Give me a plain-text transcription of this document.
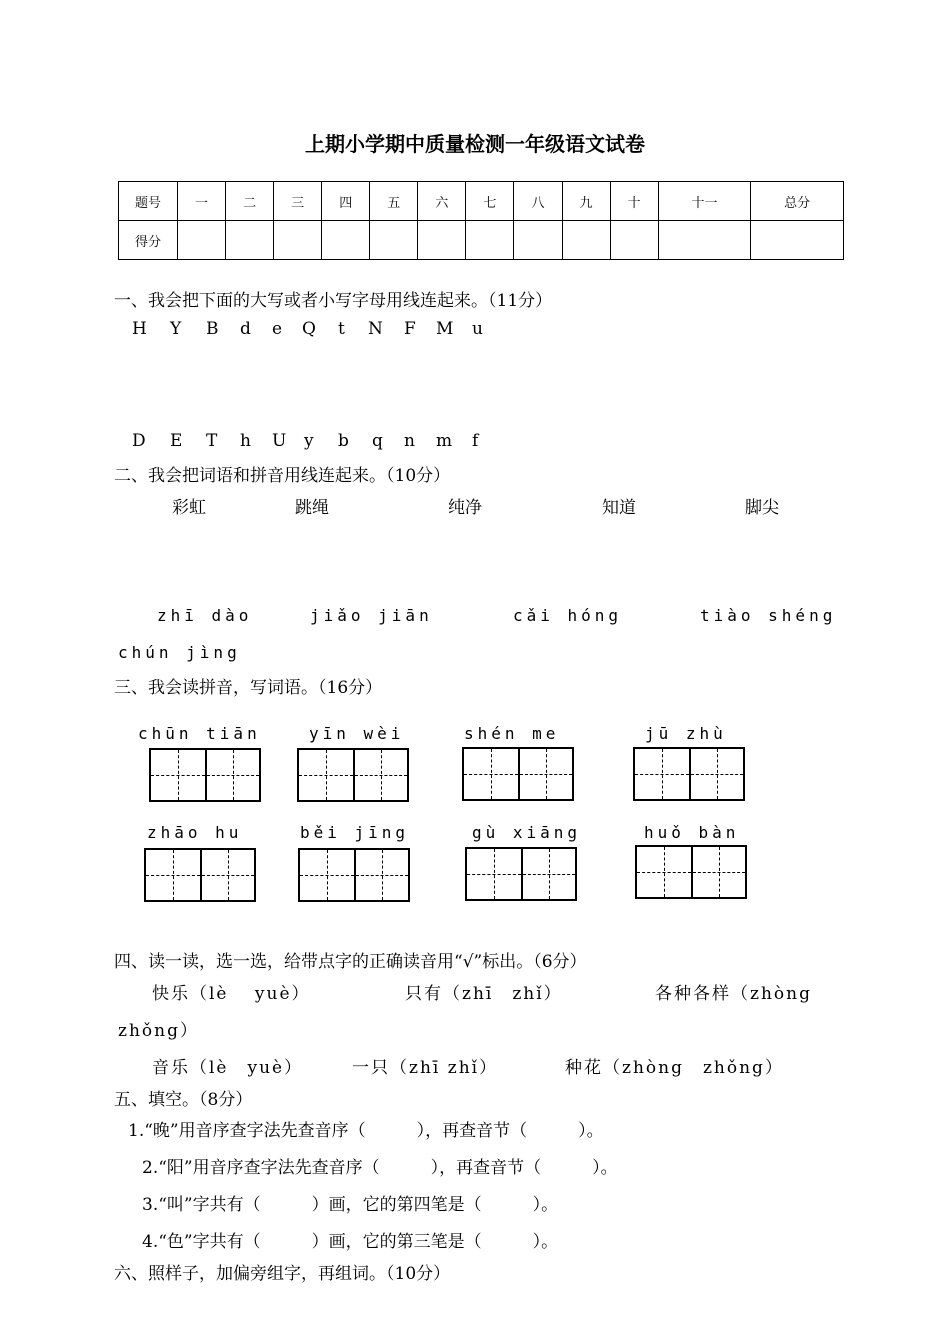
上期小学期中质量检测一年级语文试卷
题号	一	二	三	四	五	六	七	八	九	十	十一	总分
得分												
一、我会把下面的大写或者小写字母用线连起来。（11分）
H Y B d e Q t N F M u
D E T h U y b q n m f
二、我会把词语和拼音用线连起来。（10分）
彩虹	跳绳	纯净	知道	脚尖
zhī dào	jiǎo jiān	cǎi hóng	tiào shéng
chún jìng
三、我会读拼音，写词语。（16分）
chūn tiān	yīn wèi	shén me	jū zhù
zhāo hu	běi jīng	gù xiāng	huǒ bàn
四、读一读，选一选，给带点字的正确读音用“√”标出。（6分）
快乐（lè　 yuè）	只有（zhī　zhǐ）	各种各样（zhòng
zhǒng）
音乐（lè　yuè）	一只（zhī zhǐ）	种花（zhòng　zhǒng）
五、填空。（8分）
1.“晚”用音序查字法先查音序（　　　），再查音节（　　　）。
2.“阳”用音序查字法先查音序（　　　），再查音节（　　　）。
3.“叫”字共有（　　　）画，它的第四笔是（　　　）。
4.“色”字共有（　　　）画，它的第三笔是（　　　）。
六、照样子，加偏旁组字，再组词。（10分）
